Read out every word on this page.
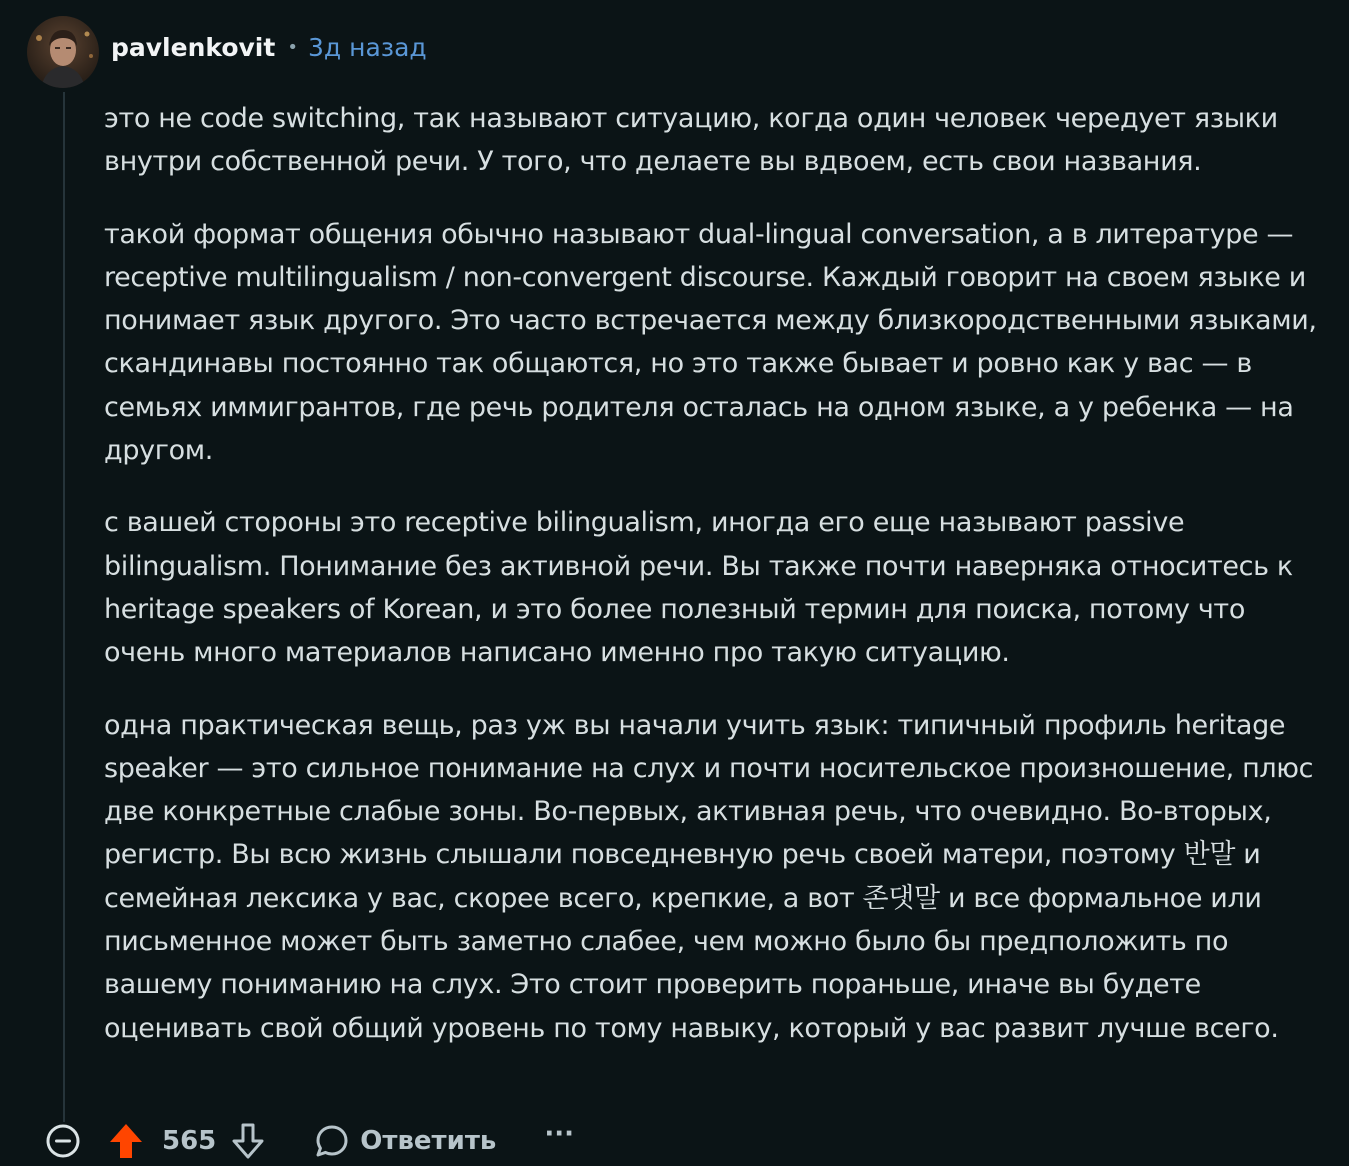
pavlenkovit • 3д назад

это не code switching, так называют ситуацию, когда один человек чередует языки внутри собственной речи. У того, что делаете вы вдвоем, есть свои названия.

такой формат общения обычно называют dual-lingual conversation, а в литературе — receptive multilingualism / non-convergent discourse. Каждый говорит на своем языке и понимает язык другого. Это часто встречается между близкородственными языками, скандинавы постоянно так общаются, но это также бывает и ровно как у вас — в семьях иммигрантов, где речь родителя осталась на одном языке, а у ребенка — на другом.

с вашей стороны это receptive bilingualism, иногда его еще называют passive bilingualism. Понимание без активной речи. Вы также почти наверняка относитесь к heritage speakers of Korean, и это более полезный термин для поиска, потому что очень много материалов написано именно про такую ситуацию.

одна практическая вещь, раз уж вы начали учить язык: типичный профиль heritage speaker — это сильное понимание на слух и почти носительское произношение, плюс две конкретные слабые зоны. Во-первых, активная речь, что очевидно. Во-вторых, регистр. Вы всю жизнь слышали повседневную речь своей матери, поэтому 반말 и семейная лексика у вас, скорее всего, крепкие, а вот 존댓말 и все формальное или письменное может быть заметно слабее, чем можно было бы предположить по вашему пониманию на слух. Это стоит проверить пораньше, иначе вы будете оценивать свой общий уровень по тому навыку, который у вас развит лучше всего.

565	Ответить ···
